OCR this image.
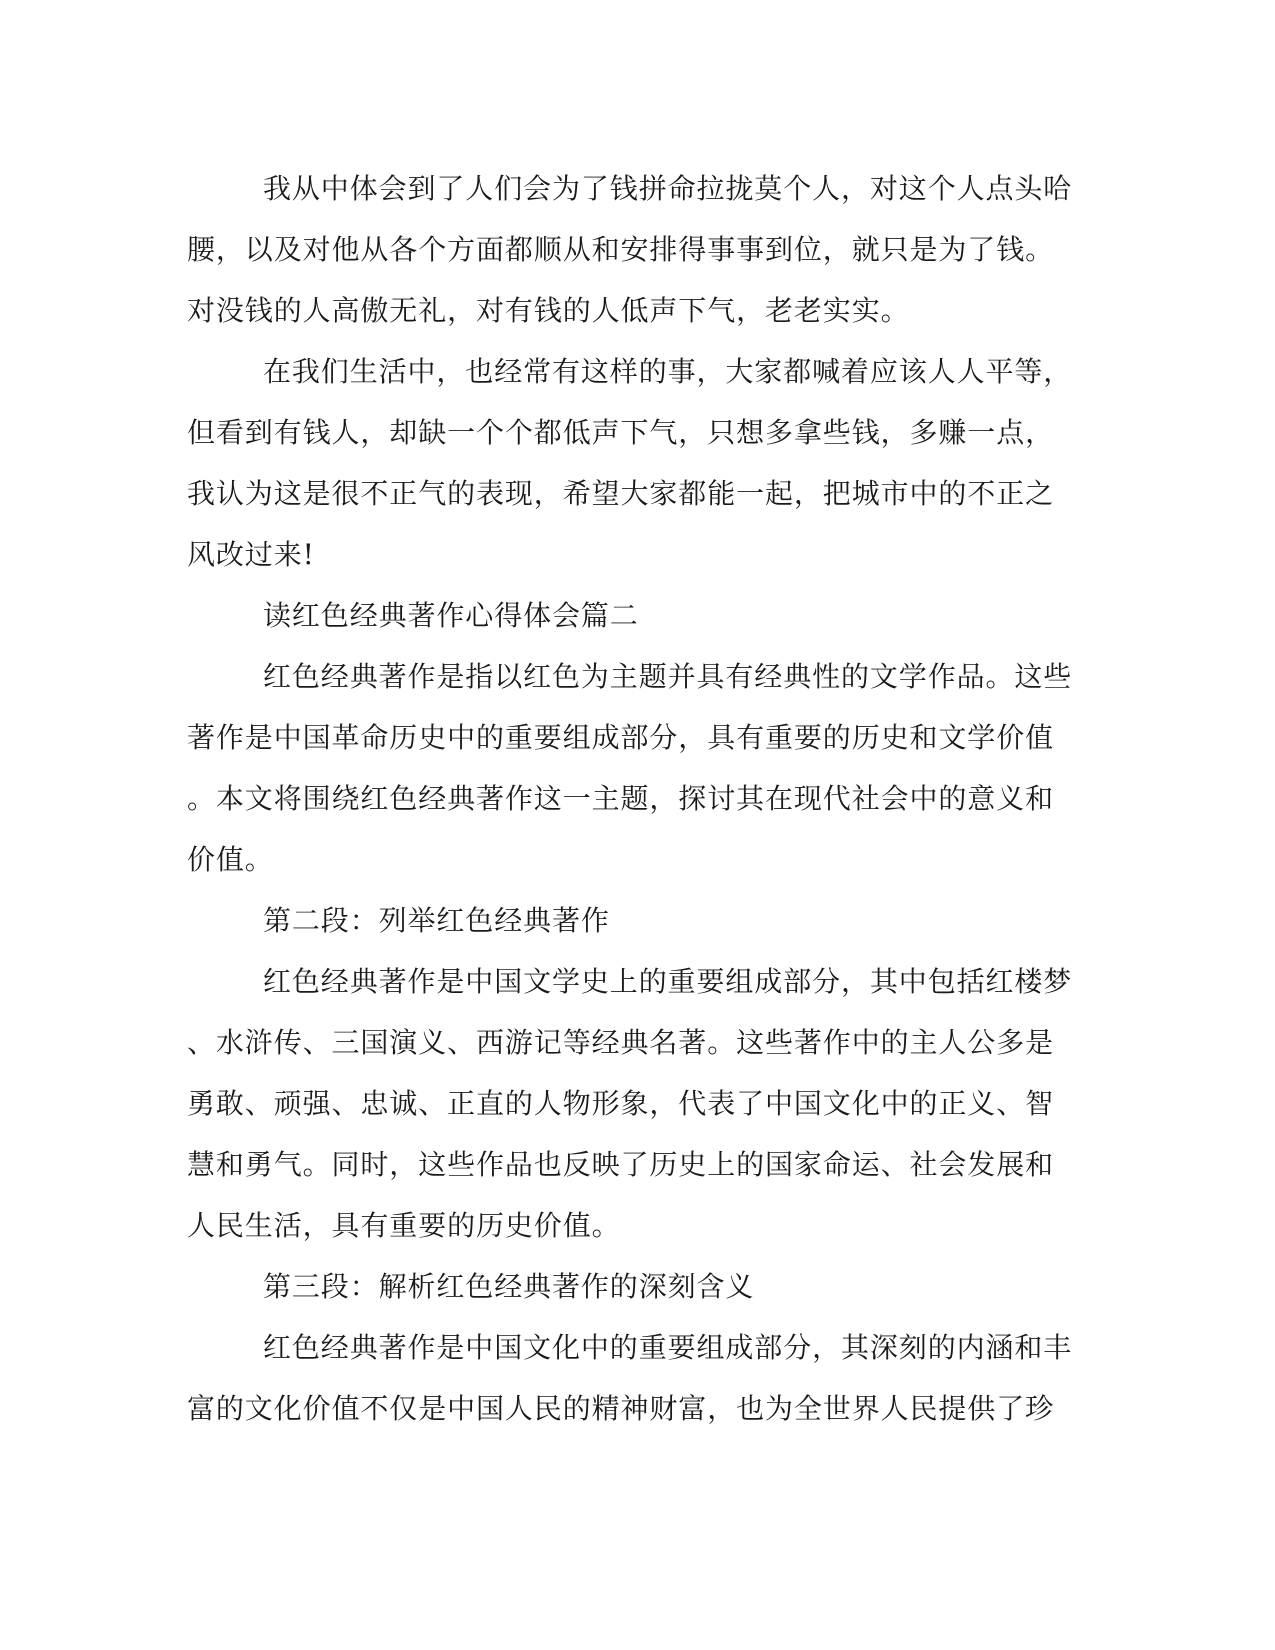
我从中体会到了人们会为了钱拼命拉拢莫个人，对这个人点头哈
腰，以及对他从各个方面都顺从和安排得事事到位，就只是为了钱。
对没钱的人高傲无礼，对有钱的人低声下气，老老实实。
在我们生活中，也经常有这样的事，大家都喊着应该人人平等，
但看到有钱人，却缺一个个都低声下气，只想多拿些钱，多赚一点，
我认为这是很不正气的表现，希望大家都能一起，把城市中的不正之
风改过来!
读红色经典著作心得体会篇二
红色经典著作是指以红色为主题并具有经典性的文学作品。这些
著作是中国革命历史中的重要组成部分，具有重要的历史和文学价值
。本文将围绕红色经典著作这一主题，探讨其在现代社会中的意义和
价值。
第二段：列举红色经典著作
红色经典著作是中国文学史上的重要组成部分，其中包括红楼梦
、水浒传、三国演义、西游记等经典名著。这些著作中的主人公多是
勇敢、顽强、忠诚、正直的人物形象，代表了中国文化中的正义、智
慧和勇气。同时，这些作品也反映了历史上的国家命运、社会发展和
人民生活，具有重要的历史价值。
第三段：解析红色经典著作的深刻含义
红色经典著作是中国文化中的重要组成部分，其深刻的内涵和丰
富的文化价值不仅是中国人民的精神财富，也为全世界人民提供了珍
